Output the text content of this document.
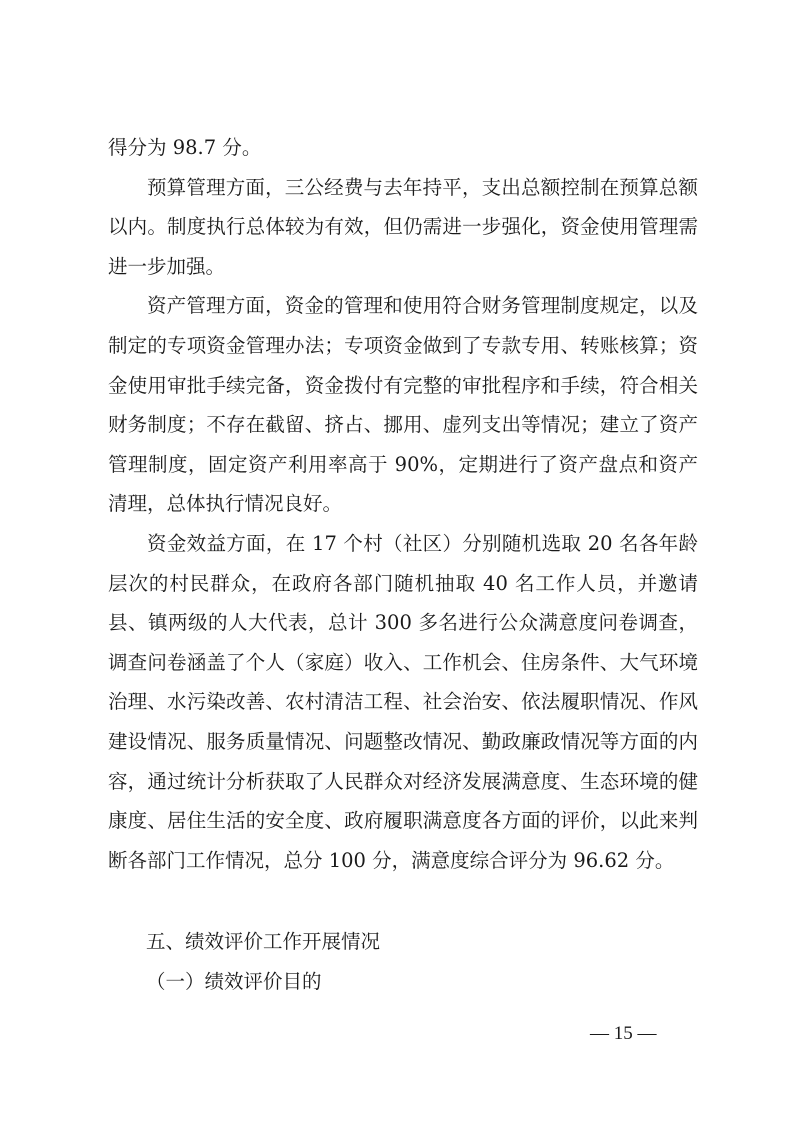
得分为 98.7 分。

预算管理方面，三公经费与去年持平，支出总额控制在预算总额以内。制度执行总体较为有效，但仍需进一步强化，资金使用管理需进一步加强。

资产管理方面，资金的管理和使用符合财务管理制度规定，以及制定的专项资金管理办法；专项资金做到了专款专用、转账核算；资金使用审批手续完备，资金拨付有完整的审批程序和手续，符合相关财务制度；不存在截留、挤占、挪用、虚列支出等情况；建立了资产管理制度，固定资产利用率高于 90%，定期进行了资产盘点和资产清理，总体执行情况良好。

资金效益方面，在 17 个村（社区）分别随机选取 20 名各年龄层次的村民群众，在政府各部门随机抽取 40 名工作人员，并邀请县、镇两级的人大代表，总计 300 多名进行公众满意度问卷调查，调查问卷涵盖了个人（家庭）收入、工作机会、住房条件、大气环境治理、水污染改善、农村清洁工程、社会治安、依法履职情况、作风建设情况、服务质量情况、问题整改情况、勤政廉政情况等方面的内容，通过统计分析获取了人民群众对经济发展满意度、生态环境的健康度、居住生活的安全度、政府履职满意度各方面的评价，以此来判断各部门工作情况，总分 100 分，满意度综合评分为 96.62 分。

五、绩效评价工作开展情况
（一）绩效评价目的
— 15 —
